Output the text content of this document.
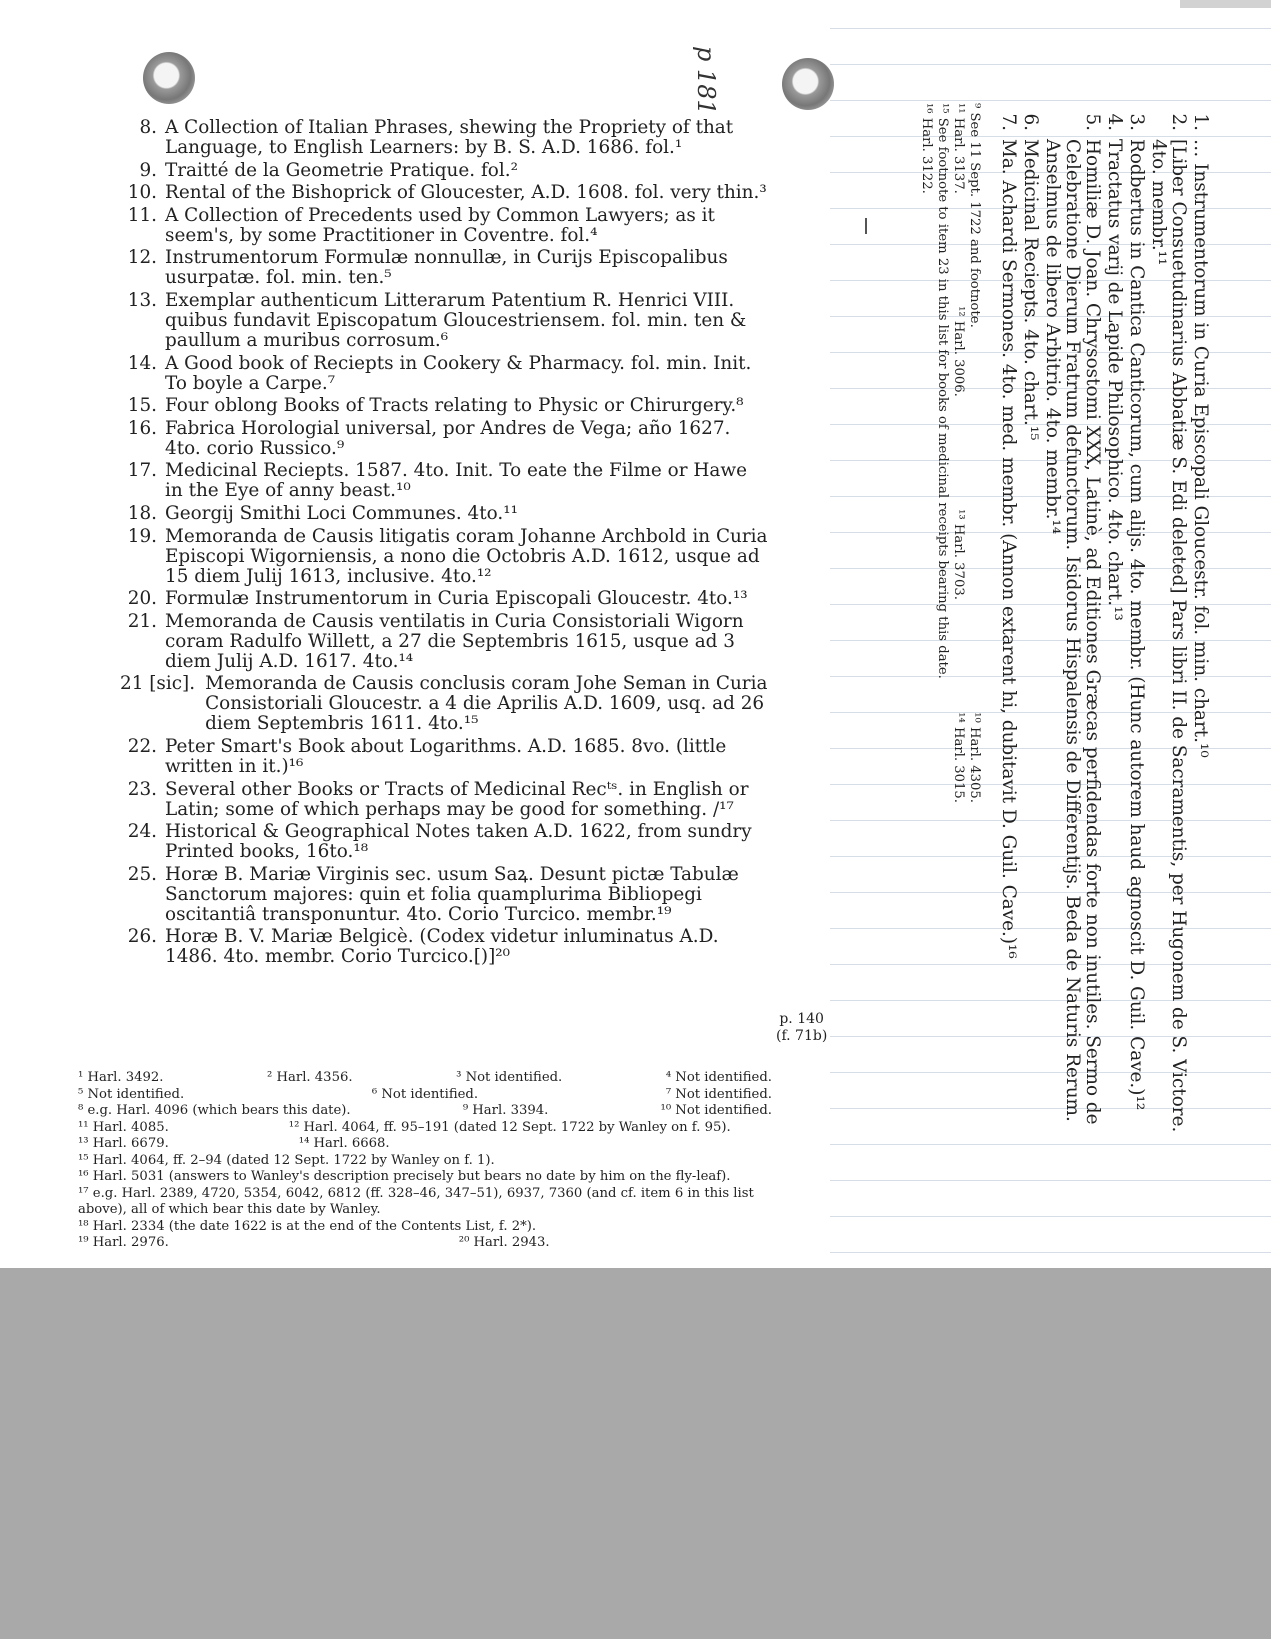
p 181
8. A Collection of Italian Phrases, shewing the Propriety of that Language, to English Learners: by B. S. A.D. 1686. fol.¹
9. Traitté de la Geometrie Pratique. fol.²
10. Rental of the Bishoprick of Gloucester, A.D. 1608. fol. very thin.³
11. A Collection of Precedents used by Common Lawyers; as it seem's, by some Practitioner in Coventre. fol.⁴
12. Instrumentorum Formulæ nonnullæ, in Curijs Episcopalibus usurpatæ. fol. min. ten.⁵
13. Exemplar authenticum Litterarum Patentium R. Henrici VIII. quibus fundavit Episcopatum Gloucestriensem. fol. min. ten & paullum a muribus corrosum.⁶
14. A Good book of Reciepts in Cookery & Pharmacy. fol. min. Init. To boyle a Carpe.⁷
15. Four oblong Books of Tracts relating to Physic or Chirurgery.⁸
16. Fabrica Horologial universal, por Andres de Vega; año 1627. 4to. corio Russico.⁹
17. Medicinal Reciepts. 1587. 4to. Init. To eate the Filme or Hawe in the Eye of anny beast.¹⁰
18. Georgij Smithi Loci Communes. 4to.¹¹
19. Memoranda de Causis litigatis coram Johanne Archbold in Curia Episcopi Wigorniensis, a nono die Octobris A.D. 1612, usque ad 15 diem Julij 1613, inclusive. 4to.¹²
20. Formulæ Instrumentorum in Curia Episcopali Gloucestr. 4to.¹³
21. Memoranda de Causis ventilatis in Curia Consistoriali Wigorn coram Radulfo Willett, a 27 die Septembris 1615, usque ad 3 diem Julij A.D. 1617. 4to.¹⁴
21 [sic]. Memoranda de Causis conclusis coram Johe Seman in Curia Consistoriali Gloucestr. a 4 die Aprilis A.D. 1609, usq. ad 26 diem Septembris 1611. 4to.¹⁵
22. Peter Smart's Book about Logarithms. A.D. 1685. 8vo. (little written in it.)¹⁶
23. Several other Books or Tracts of Medicinal Recᵗˢ. in English or Latin; some of which perhaps may be good for something. /¹⁷
24. Historical & Geographical Notes taken A.D. 1622, from sundry Printed books, 16to.¹⁸
25. Horæ B. Mariæ Virginis sec. usum Saꝝ. Desunt pictæ Tabulæ Sanctorum majores: quin et folia quamplurima Bibliopegi oscitantiâ transponuntur. 4to. Corio Turcico. membr.¹⁹
26. Horæ B. V. Mariæ Belgicè. (Codex videtur inluminatus A.D. 1486. 4to. membr. Corio Turcico.[)]²⁰
p. 140
(f. 71b)
¹ Harl. 3492.	² Harl. 4356.	³ Not identified.	⁴ Not identified.
⁵ Not identified.	⁶ Not identified.	⁷ Not identified.
⁸ e.g. Harl. 4096 (which bears this date).	⁹ Harl. 3394.	¹⁰ Not identified.
¹¹ Harl. 4085.	¹² Harl. 4064, ff. 95–191 (dated 12 Sept. 1722 by Wanley on f. 95).
¹³ Harl. 6679.	¹⁴ Harl. 6668.
¹⁵ Harl. 4064, ff. 2–94 (dated 12 Sept. 1722 by Wanley on f. 1).
¹⁶ Harl. 5031 (answers to Wanley's description precisely but bears no date by him on the fly-leaf).
¹⁷ e.g. Harl. 2389, 4720, 5354, 6042, 6812 (ff. 328–46, 347–51), 6937, 7360 (and cf. item 6 in this list
above), all of which bear this date by Wanley.
¹⁸ Harl. 2334 (the date 1622 is at the end of the Contents List, f. 2*).
¹⁹ Harl. 2976.	²⁰ Harl. 2943.
1.
… Instrumentorum in Curia Episcopali Gloucestr. fol. min. chart.¹⁰
2.
[Liber Consuetudinarius Abbatiæ S. Edi deleted] Pars libri II. de Sacramentis, per Hugonem de S. Victore. 4to. membr.¹¹
3.
Rodbertus in Cantica Canticorum, cum alijs. 4to. membr. (Hunc autorem haud agnoscit D. Guil. Cave.)¹²
4.
Tractatus varij de Lapide Philosophico. 4to. chart.¹³
5.
Homiliæ D. Joan. Chrysostomi XXX, Latinè, ad Editiones Græcas perfidendas forte non inutiles. Sermo de Celebratione Dierum Fratrum defunctorum. Isidorus Hispalensis de Differentijs. Beda de Naturis Rerum. Anselmus de libero Arbitrio. 4to. membr.¹⁴
6.
Medicinal Reciepts. 4to. chart.¹⁵
7.
Ma. Achardi Sermones. 4to. med. membr. (Annon extarent hi, dubitavit D. Guil. Cave.)¹⁶
⁹ See 11 Sept. 1722 and footnote.
¹⁰ Harl. 4305.
¹¹ Harl. 3137.
¹² Harl. 3006.
¹³ Harl. 3703.
¹⁴ Harl. 3015.
¹⁵ See footnote to item 23 in this list for books of medicinal receipts bearing this date.
¹⁶ Harl. 3122.
